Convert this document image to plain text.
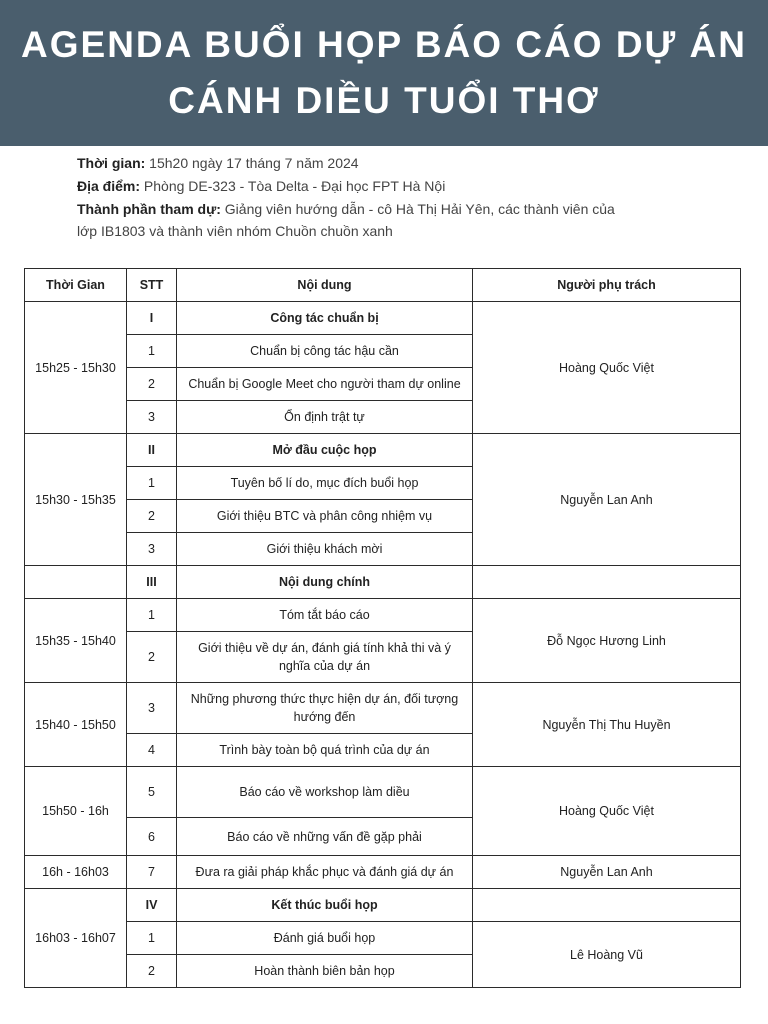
AGENDA BUỔI HỌP BÁO CÁO DỰ ÁN
CÁNH DIỀU TUỔI THƠ
Thời gian: 15h20 ngày 17 tháng 7 năm 2024
Địa điểm: Phòng DE-323 - Tòa Delta - Đại học FPT Hà Nội
Thành phần tham dự: Giảng viên hướng dẫn - cô Hà Thị Hải Yên, các thành viên của
lớp IB1803 và thành viên nhóm Chuồn chuồn xanh
Thời Gian	STT	Nội dung	Người phụ trách
15h25 - 15h30	I	Công tác chuẩn bị	Hoàng Quốc Việt
	1	Chuẩn bị công tác hậu cần	
	2	Chuẩn bị Google Meet cho người tham dự online	
	3	Ổn định trật tự	
15h30 - 15h35	II	Mở đầu cuộc họp	Nguyễn Lan Anh
	1	Tuyên bố lí do, mục đích buổi họp	
	2	Giới thiệu BTC và phân công nhiệm vụ	
	3	Giới thiệu khách mời	
	III	Nội dung chính	
15h35 - 15h40	1	Tóm tắt báo cáo	Đỗ Ngọc Hương Linh
	2	Giới thiệu về dự án, đánh giá tính khả thi và ý nghĩa của dự án	
15h40 - 15h50	3	Những phương thức thực hiện dự án, đối tượng hướng đến	Nguyễn Thị Thu Huyền
	4	Trình bày toàn bộ quá trình của dự án	
15h50 - 16h	5	Báo cáo về workshop làm diều	Hoàng Quốc Việt
	6	Báo cáo về những vấn đề gặp phải	
16h - 16h03	7	Đưa ra giải pháp khắc phục và đánh giá dự án	Nguyễn Lan Anh
16h03 - 16h07	IV	Kết thúc buổi họp	
	1	Đánh giá buổi họp	Lê Hoàng Vũ
	2	Hoàn thành biên bản họp	
